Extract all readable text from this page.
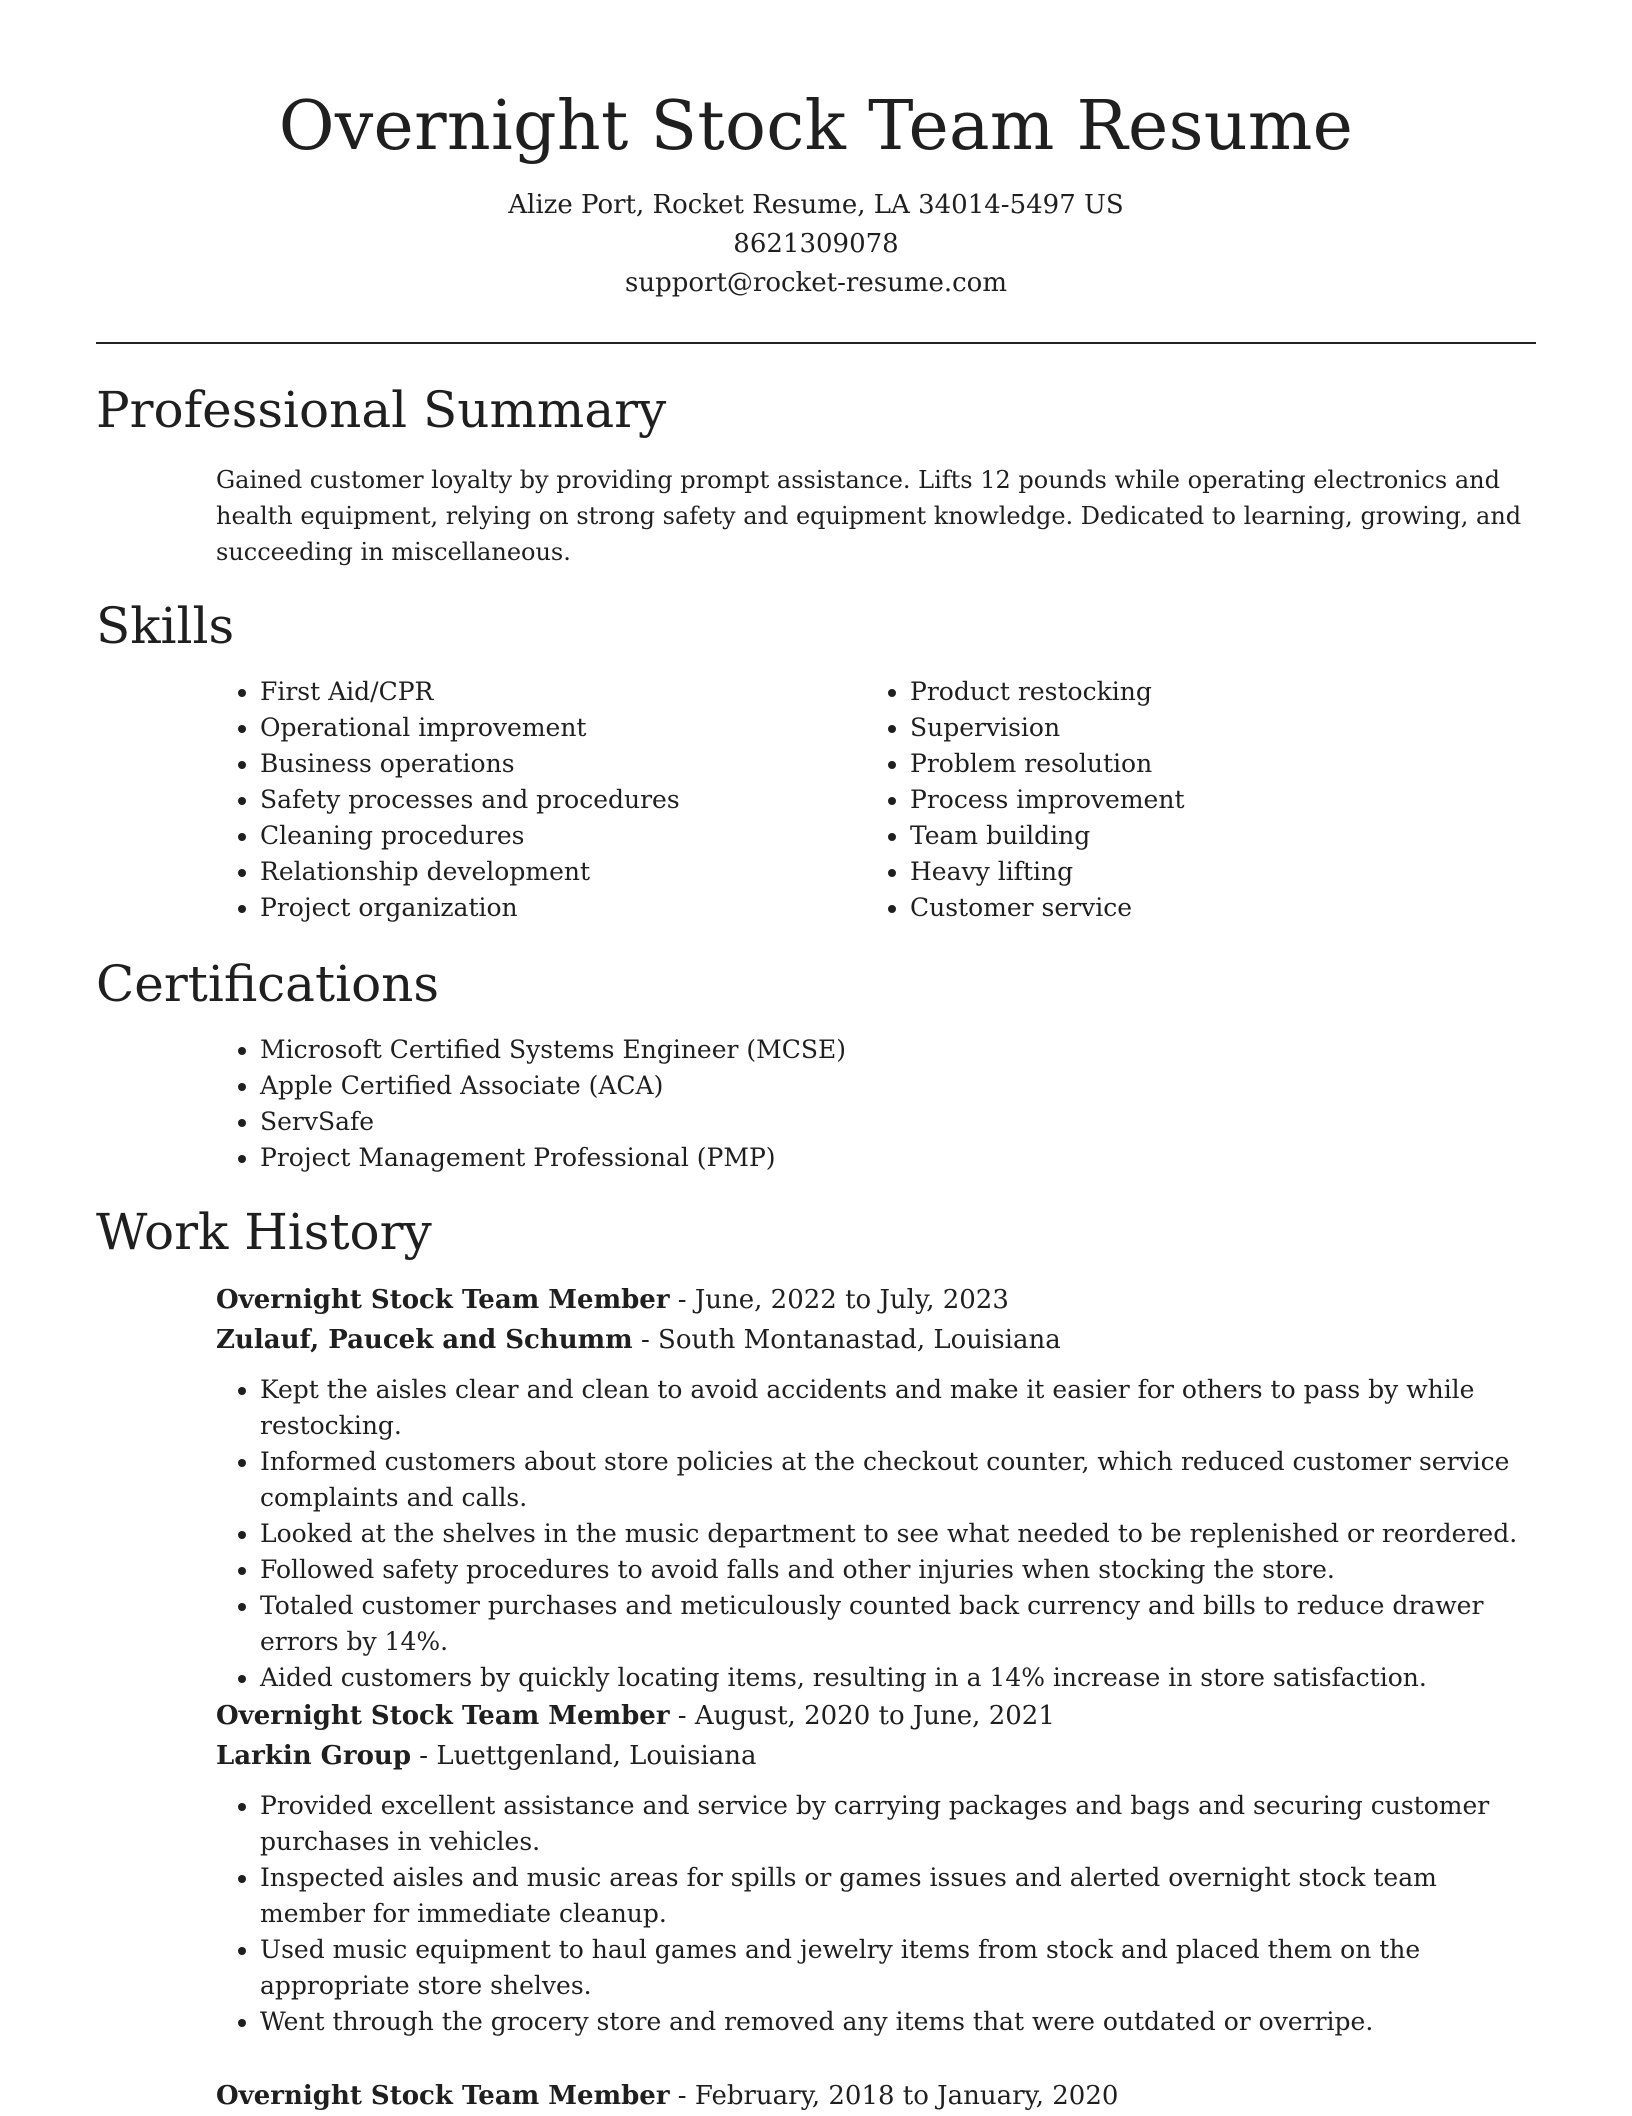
Overnight Stock Team Resume
Alize Port, Rocket Resume, LA 34014-5497 US
8621309078
support@rocket-resume.com
Professional Summary

Gained customer loyalty by providing prompt assistance. Lifts 12 pounds while operating electronics and health equipment, relying on strong safety and equipment knowledge. Dedicated to learning, growing, and succeeding in miscellaneous.

Skills
• First Aid/CPR
• Operational improvement
• Business operations
• Safety processes and procedures
• Cleaning procedures
• Relationship development
• Project organization
• Product restocking
• Supervision
• Problem resolution
• Process improvement
• Team building
• Heavy lifting
• Customer service
Certifications
• Microsoft Certified Systems Engineer (MCSE)
• Apple Certified Associate (ACA)
• ServSafe
• Project Management Professional (PMP)
Work History
Overnight Stock Team Member - June, 2022 to July, 2023
Zulauf, Paucek and Schumm - South Montanastad, Louisiana
• Kept the aisles clear and clean to avoid accidents and make it easier for others to pass by while restocking.
• Informed customers about store policies at the checkout counter, which reduced customer service complaints and calls.
• Looked at the shelves in the music department to see what needed to be replenished or reordered.
• Followed safety procedures to avoid falls and other injuries when stocking the store.
• Totaled customer purchases and meticulously counted back currency and bills to reduce drawer errors by 14%.
• Aided customers by quickly locating items, resulting in a 14% increase in store satisfaction.
Overnight Stock Team Member - August, 2020 to June, 2021
Larkin Group - Luettgenland, Louisiana
• Provided excellent assistance and service by carrying packages and bags and securing customer purchases in vehicles.
• Inspected aisles and music areas for spills or games issues and alerted overnight stock team member for immediate cleanup.
• Used music equipment to haul games and jewelry items from stock and placed them on the appropriate store shelves.
• Went through the grocery store and removed any items that were outdated or overripe.
Overnight Stock Team Member - February, 2018 to January, 2020
